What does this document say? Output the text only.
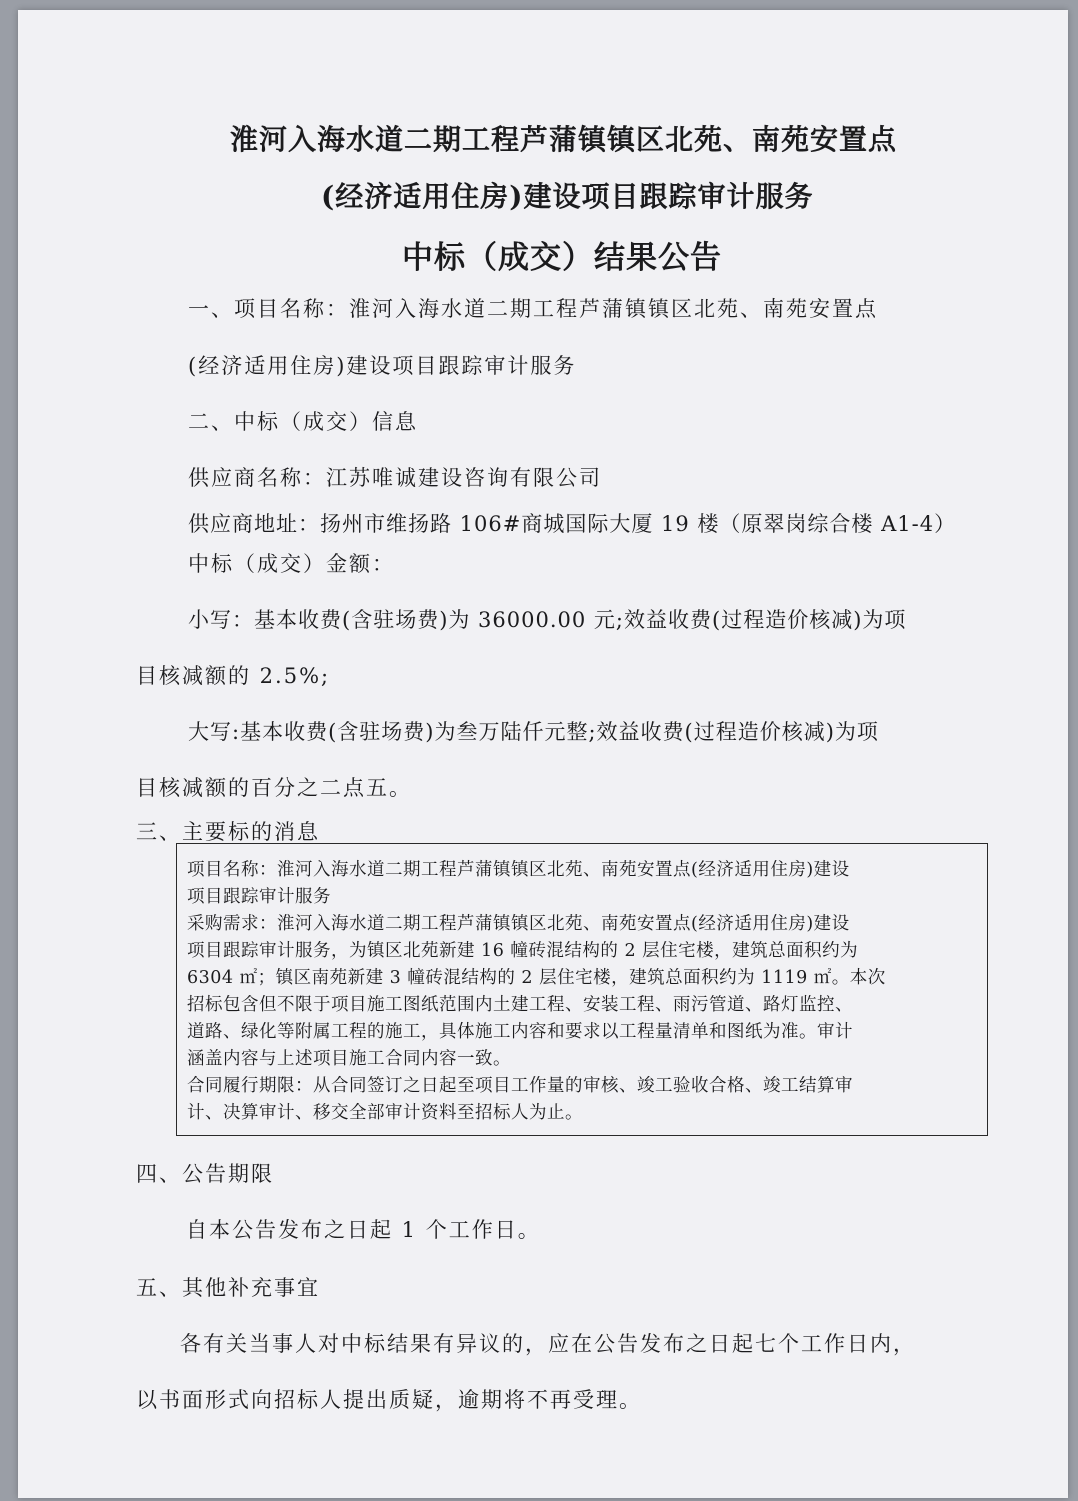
淮河入海水道二期工程芦蒲镇镇区北苑、南苑安置点
(经济适用住房)建设项目跟踪审计服务
中标（成交）结果公告
一、项目名称：淮河入海水道二期工程芦蒲镇镇区北苑、南苑安置点
(经济适用住房)建设项目跟踪审计服务
二、中标（成交）信息
供应商名称：江苏唯诚建设咨询有限公司
供应商地址：扬州市维扬路 106#商城国际大厦 19 楼（原翠岗综合楼 A1-4）
中标（成交）金额：
小写：基本收费(含驻场费)为 36000.00 元;效益收费(过程造价核减)为项
目核减额的 2.5%;
大写:基本收费(含驻场费)为叁万陆仟元整;效益收费(过程造价核减)为项
目核减额的百分之二点五。
三、主要标的消息
项目名称：淮河入海水道二期工程芦蒲镇镇区北苑、南苑安置点(经济适用住房)建设
项目跟踪审计服务
采购需求：淮河入海水道二期工程芦蒲镇镇区北苑、南苑安置点(经济适用住房)建设
项目跟踪审计服务，为镇区北苑新建 16 幢砖混结构的 2 层住宅楼，建筑总面积约为
6304 ㎡；镇区南苑新建 3 幢砖混结构的 2 层住宅楼，建筑总面积约为 1119 ㎡。本次
招标包含但不限于项目施工图纸范围内土建工程、安装工程、雨污管道、路灯监控、
道路、绿化等附属工程的施工，具体施工内容和要求以工程量清单和图纸为准。审计
涵盖内容与上述项目施工合同内容一致。
合同履行期限：从合同签订之日起至项目工作量的审核、竣工验收合格、竣工结算审
计、决算审计、移交全部审计资料至招标人为止。
四、公告期限
自本公告发布之日起 1 个工作日。
五、其他补充事宜
各有关当事人对中标结果有异议的，应在公告发布之日起七个工作日内，
以书面形式向招标人提出质疑，逾期将不再受理。
